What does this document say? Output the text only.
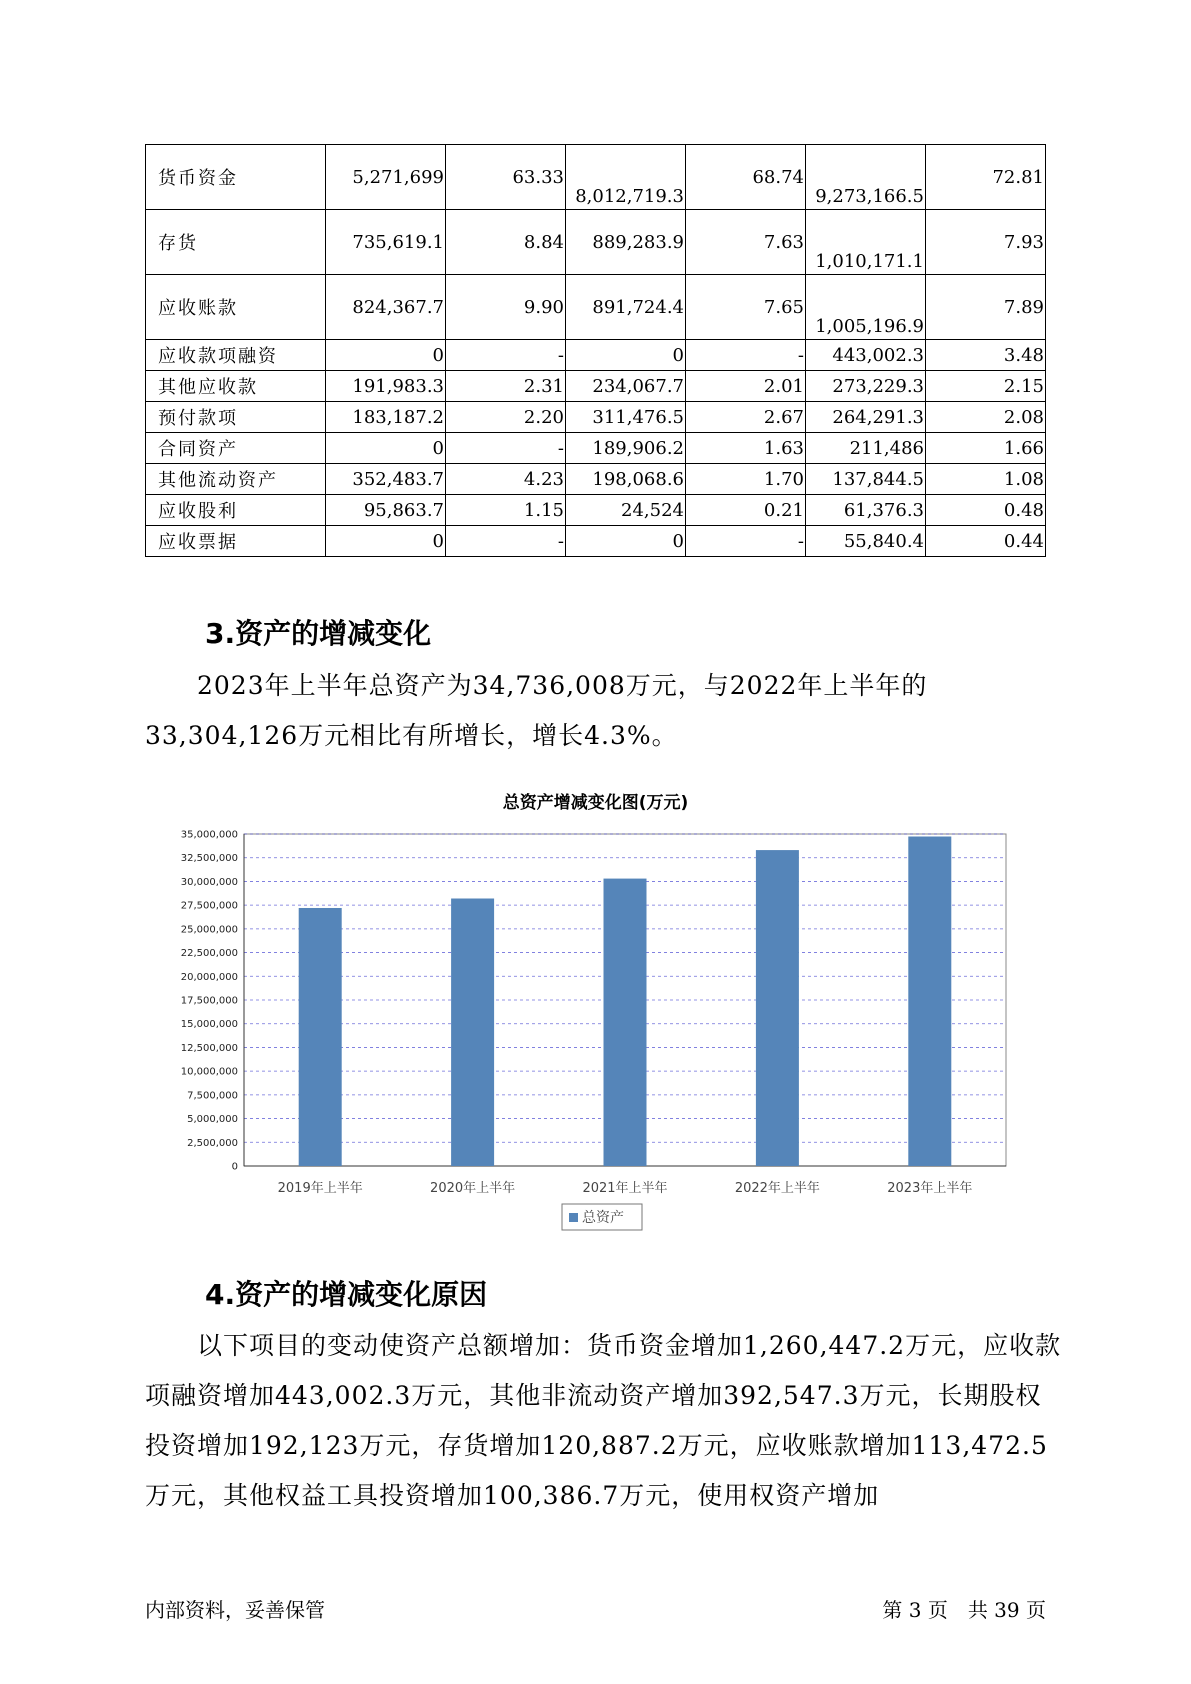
货币资金	5,271,699	63.33	8,012,719.3	68.74	9,273,166.5	72.81
存货	735,619.1	8.84	889,283.9	7.63	1,010,171.1	7.93
应收账款	824,367.7	9.90	891,724.4	7.65	1,005,196.9	7.89
应收款项融资	0	-	0	-	443,002.3	3.48
其他应收款	191,983.3	2.31	234,067.7	2.01	273,229.3	2.15
预付款项	183,187.2	2.20	311,476.5	2.67	264,291.3	2.08
合同资产	0	-	189,906.2	1.63	211,486	1.66
其他流动资产	352,483.7	4.23	198,068.6	1.70	137,844.5	1.08
应收股利	95,863.7	1.15	24,524	0.21	61,376.3	0.48
应收票据	0	-	0	-	55,840.4	0.44
3.资产的增减变化
2023年上半年总资产为34,736,008万元，与2022年上半年的33,304,126万元相比有所增长，增长4.3%。
总资产增减变化图(万元)
0
2,500,000
5,000,000
7,500,000
10,000,000
12,500,000
15,000,000
17,500,000
20,000,000
22,500,000
25,000,000
27,500,000
30,000,000
32,500,000
35,000,000
2019年上半年	2020年上半年	2021年上半年	2022年上半年	2023年上半年
总资产
4.资产的增减变化原因
以下项目的变动使资产总额增加：货币资金增加1,260,447.2万元，应收款项融资增加443,002.3万元，其他非流动资产增加392,547.3万元，长期股权投资增加192,123万元，存货增加120,887.2万元，应收账款增加113,472.5万元，其他权益工具投资增加100,386.7万元，使用权资产增加
内部资料，妥善保管	第 3 页　共 39 页
